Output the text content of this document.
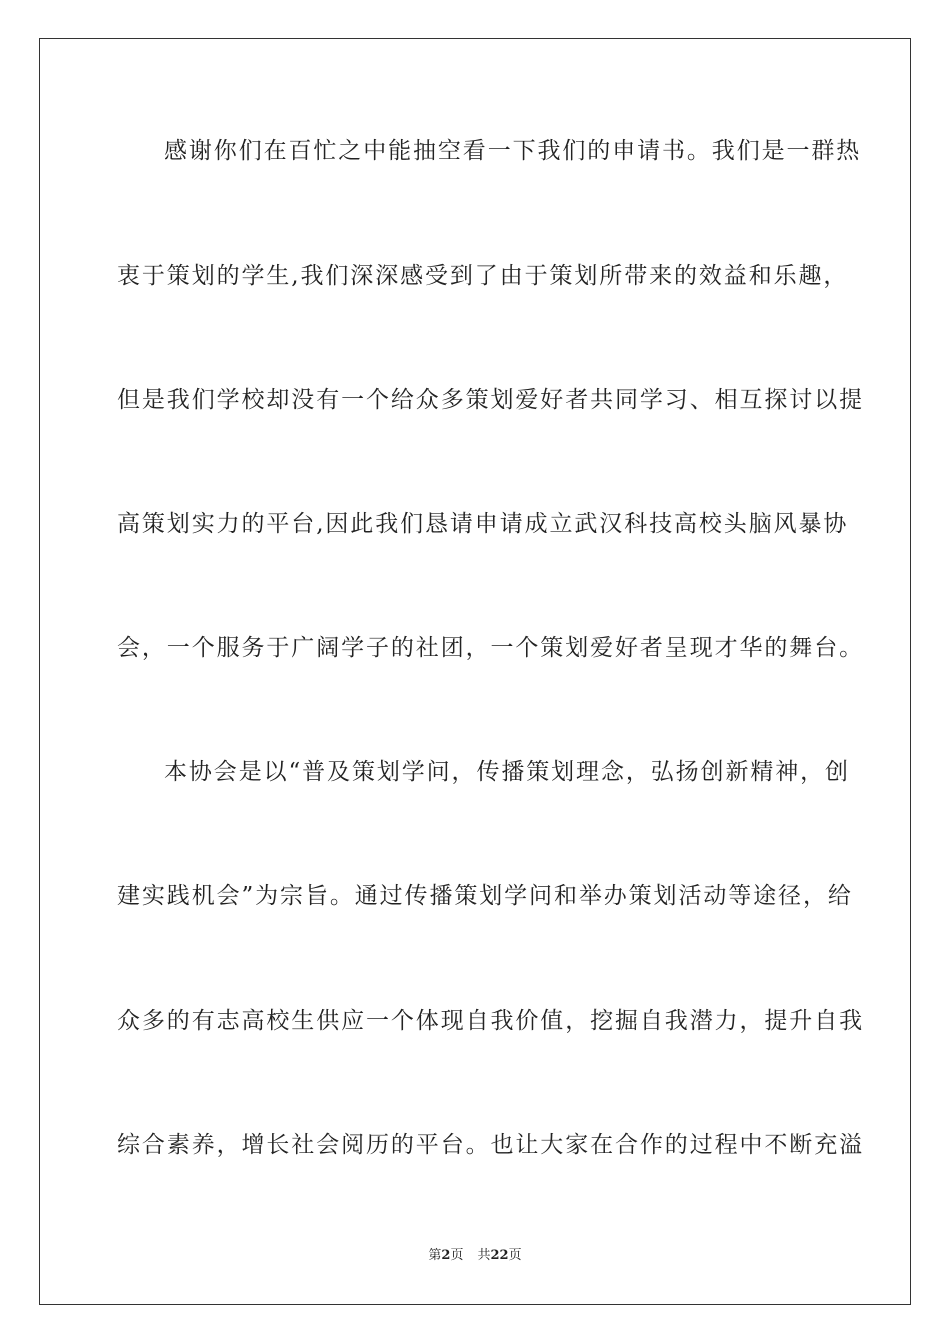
感谢你们在百忙之中能抽空看一下我们的申请书。我们是一群热
衷于策划的学生,我们深深感受到了由于策划所带来的效益和乐趣，
但是我们学校却没有一个给众多策划爱好者共同学习、相互探讨以提
高策划实力的平台,因此我们恳请申请成立武汉科技高校头脑风暴协
会，一个服务于广阔学子的社团，一个策划爱好者呈现才华的舞台。
本协会是以“普及策划学问，传播策划理念，弘扬创新精神，创
建实践机会”为宗旨。通过传播策划学问和举办策划活动等途径，给
众多的有志高校生供应一个体现自我价值，挖掘自我潜力，提升自我
综合素养，增长社会阅历的平台。也让大家在合作的过程中不断充溢
第2页 共22页
